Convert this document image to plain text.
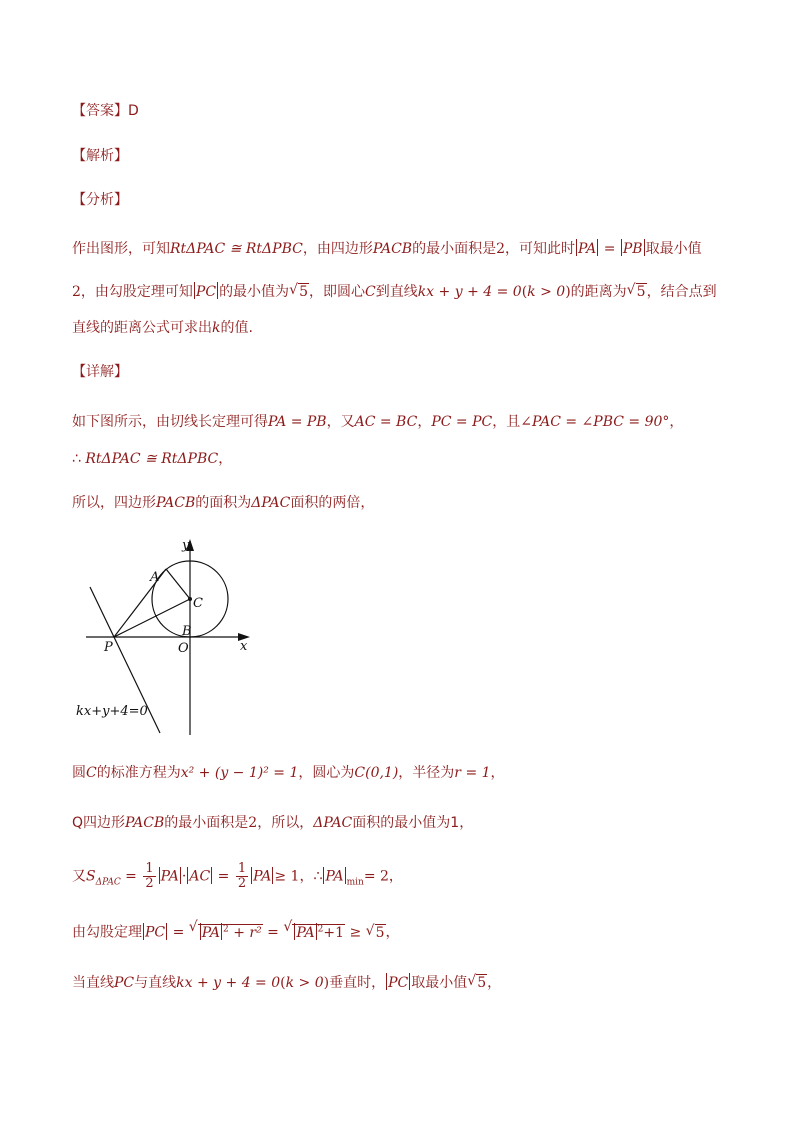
【答案】D
【解析】
【分析】
作出图形，可知RtΔPAC ≅ RtΔPBC，由四边形PACB的最小面积是2，可知此时 PA = PB 取最小值
2，由勾股定理可知 PC 的最小值为 √ 5，即圆心C到直线kx + y + 4 = 0(k > 0)的距离为 √ 5，结合点到
直线的距离公式可求出k的值.
【详解】
如下图所示，由切线长定理可得PA = PB，又AC = BC，PC = PC，且∠PAC = ∠PBC = 90°，
∴ RtΔPAC ≅ RtΔPBC，
所以，四边形PACB的面积为ΔPAC面积的两倍，
y
x
A
B
C
P	O
kx+y+4=0
圆C的标准方程为x² + (y − 1)² = 1，圆心为C(0,1)，半径为r = 1，
Q四边形PACB的最小面积是2，所以，ΔPAC面积的最小值为1，
又$S_{\Delta PAC} = \frac{1}{2}$ PA · AC = $\frac{1}{2}$ PA ≥ 1，∴ PA $_{min}$= 2，
由勾股定理 PC = √ PA $^2$ + r² = √ PA $^2$+1 ≥ √ 5，
当直线PC与直线kx + y + 4 = 0(k > 0)垂直时， PC 取最小值 √ 5，
